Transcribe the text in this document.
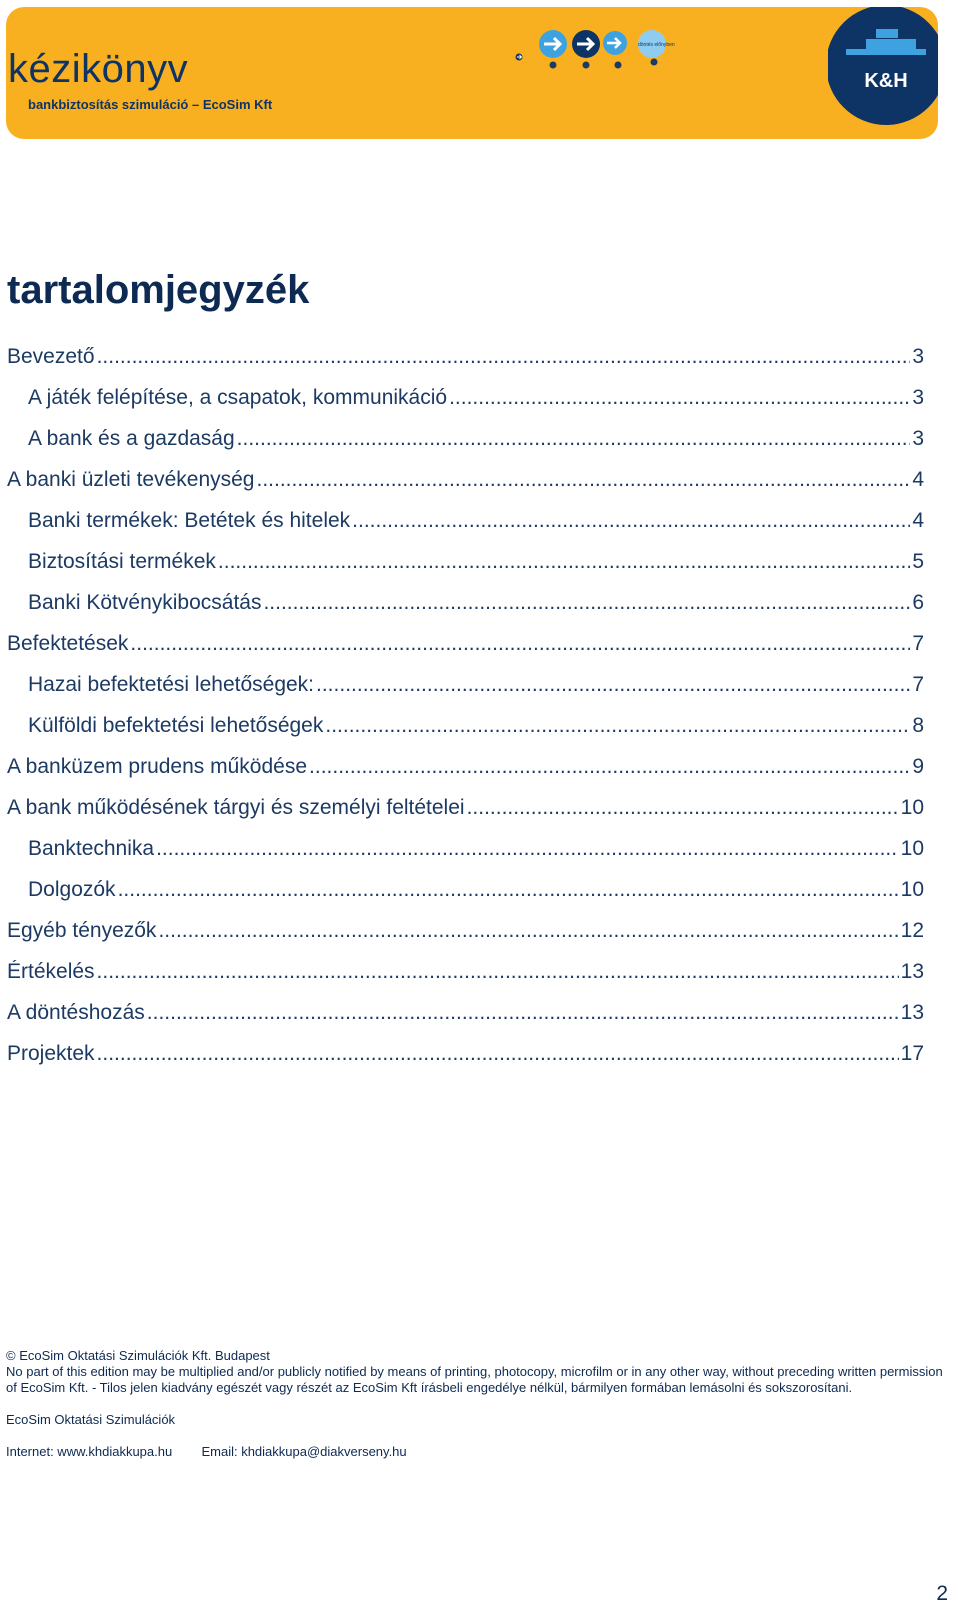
kézikönyv
bankbiztosítás szimuláció – EcoSim Kft
döntés előnyben
K&H
tartalomjegyzék
Bevezető .....	3
A játék felépítése, a csapatok, kommunikáció .....	3
A bank és a gazdaság .....	3
A banki üzleti tevékenység .....	4
Banki termékek: Betétek és hitelek .....	4
Biztosítási termékek .....	5
Banki Kötvénykibocsátás .....	6
Befektetések .....	7
Hazai befektetési lehetőségek: .....	7
Külföldi befektetési lehetőségek .....	8
A banküzem prudens működése .....	9
A bank működésének tárgyi és személyi feltételei .....	10
Banktechnika .....	10
Dolgozók .....	10
Egyéb tényezők .....	12
Értékelés .....	13
A döntéshozás .....	13
Projektek .....	17

© EcoSim Oktatási Szimulációk Kft. Budapest

No part of this edition may be multiplied and/or publicly notified by means of printing, photocopy, microfilm or in any other way, without preceding written permission of EcoSim Kft. - Tilos jelen kiadvány egészét vagy részét az EcoSim Kft írásbeli engedélye nélkül, bármilyen formában lemásolni és sokszorosítani.

EcoSim Oktatási Szimulációk

Internet: www.khdiakkupa.hu Email: khdiakkupa@diakverseny.hu

2
